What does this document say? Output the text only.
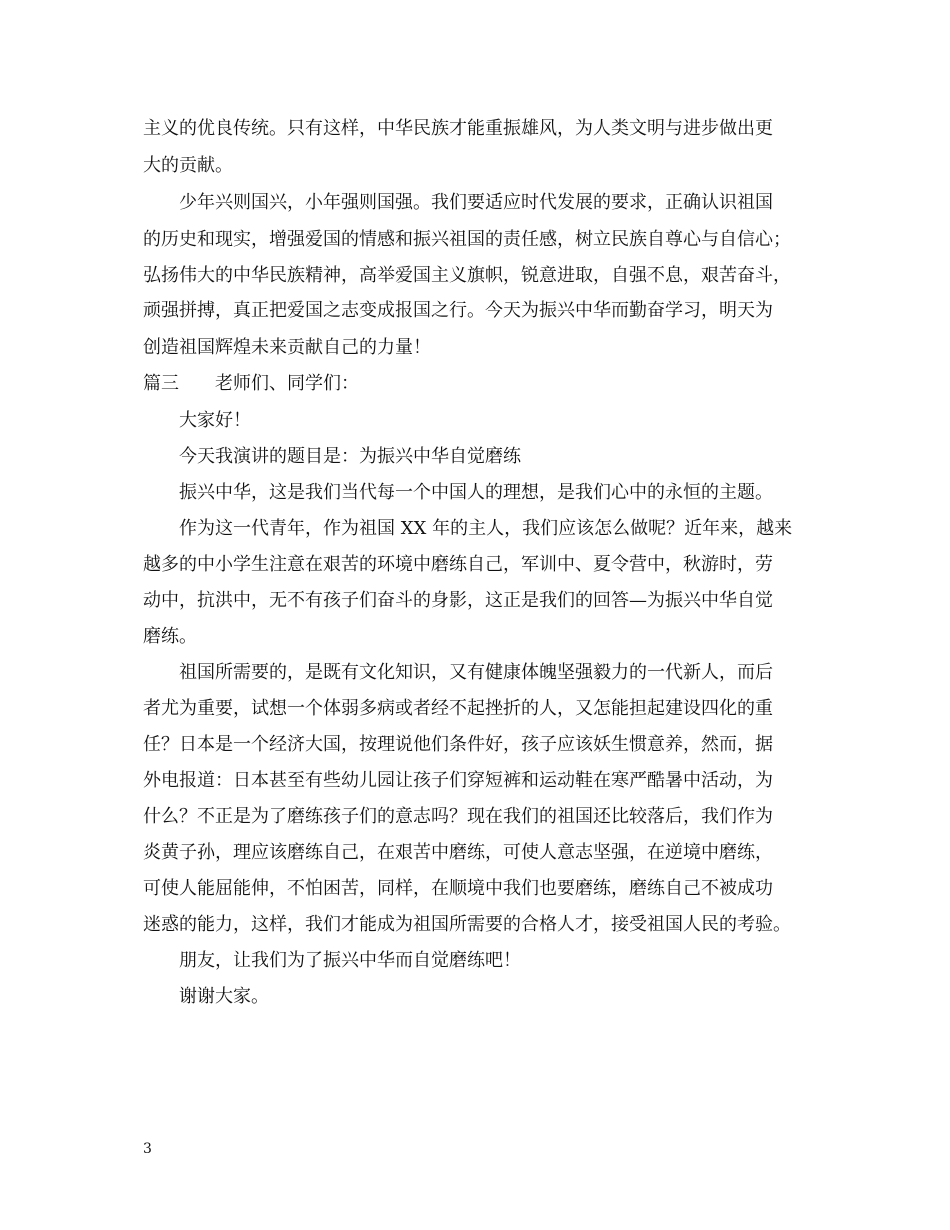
主义的优良传统。只有这样，中华民族才能重振雄风，为人类文明与进步做出更
大的贡献。
少年兴则国兴，小年强则国强。我们要适应时代发展的要求，正确认识祖国
的历史和现实，增强爱国的情感和振兴祖国的责任感，树立民族自尊心与自信心；
弘扬伟大的中华民族精神，高举爱国主义旗帜，锐意进取，自强不息，艰苦奋斗，
顽强拼搏，真正把爱国之志变成报国之行。今天为振兴中华而勤奋学习，明天为
创造祖国辉煌未来贡献自己的力量！
篇三 老师们、同学们：
大家好！
今天我演讲的题目是：为振兴中华自觉磨练
振兴中华，这是我们当代每一个中国人的理想，是我们心中的永恒的主题。
作为这一代青年，作为祖国 XX 年的主人，我们应该怎么做呢？近年来，越来
越多的中小学生注意在艰苦的环境中磨练自己，军训中、夏令营中，秋游时，劳
动中，抗洪中，无不有孩子们奋斗的身影，这正是我们的回答—为振兴中华自觉
磨练。
祖国所需要的，是既有文化知识，又有健康体魄坚强毅力的一代新人，而后
者尤为重要，试想一个体弱多病或者经不起挫折的人，又怎能担起建设四化的重
任？日本是一个经济大国，按理说他们条件好，孩子应该妖生惯意养，然而，据
外电报道：日本甚至有些幼儿园让孩子们穿短裤和运动鞋在寒严酷暑中活动，为
什么？不正是为了磨练孩子们的意志吗？现在我们的祖国还比较落后，我们作为
炎黄子孙，理应该磨练自己，在艰苦中磨练，可使人意志坚强，在逆境中磨练，
可使人能屈能伸，不怕困苦，同样，在顺境中我们也要磨练，磨练自己不被成功
迷惑的能力，这样，我们才能成为祖国所需要的合格人才，接受祖国人民的考验。
朋友，让我们为了振兴中华而自觉磨练吧！
谢谢大家。
3
